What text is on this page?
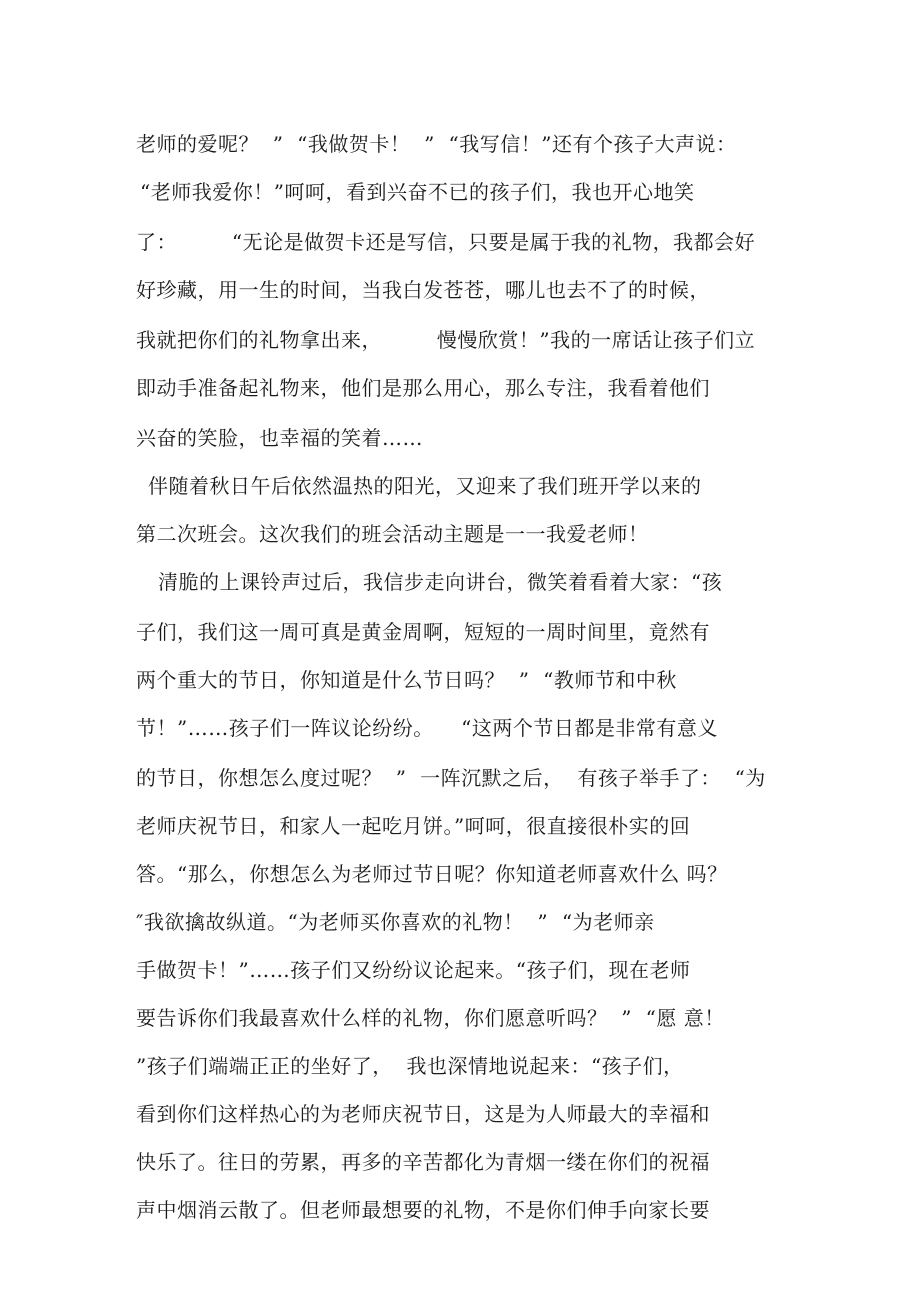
老师的爱呢？  ”  “我做贺卡！  ”  “我写信！”还有个孩子大声说：
“老师我爱你！”呵呵，看到兴奋不已的孩子们，我也开心地笑
了：        “无论是做贺卡还是写信，只要是属于我的礼物，我都会好
好珍藏，用一生的时间，当我白发苍苍，哪儿也去不了的时候，
我就把你们的礼物拿出来，        慢慢欣赏！”我的一席话让孩子们立
即动手准备起礼物来，他们是那么用心，那么专注，我看着他们
兴奋的笑脸，也幸福的笑着……
伴随着秋日午后依然温热的阳光，又迎来了我们班开学以来的
第二次班会。这次我们的班会活动主题是一一我爱老师！
清脆的上课铃声过后，我信步走向讲台，微笑着看着大家：“孩
子们，我们这一周可真是黄金周啊，短短的一周时间里，竟然有
两个重大的节日，你知道是什么节日吗？  ”  “教师节和中秋
节！”……孩子们一阵议论纷纷。    “这两个节日都是非常有意义
的节日，你想怎么度过呢？  ”  一阵沉默之后，  有孩子举手了：  “为
老师庆祝节日，和家人一起吃月饼。”呵呵，很直接很朴实的回
答。“那么，你想怎么为老师过节日呢？你知道老师喜欢什么 吗？
″我欲擒故纵道。“为老师买你喜欢的礼物！  ”  “为老师亲
手做贺卡！”……孩子们又纷纷议论起来。“孩子们，现在老师
要告诉你们我最喜欢什么样的礼物，你们愿意听吗？  ”  “愿 意！
”孩子们端端正正的坐好了，  我也深情地说起来：“孩子们，
看到你们这样热心的为老师庆祝节日，这是为人师最大的幸福和
快乐了。往日的劳累，再多的辛苦都化为青烟一缕在你们的祝福
声中烟消云散了。但老师最想要的礼物，不是你们伸手向家长要
